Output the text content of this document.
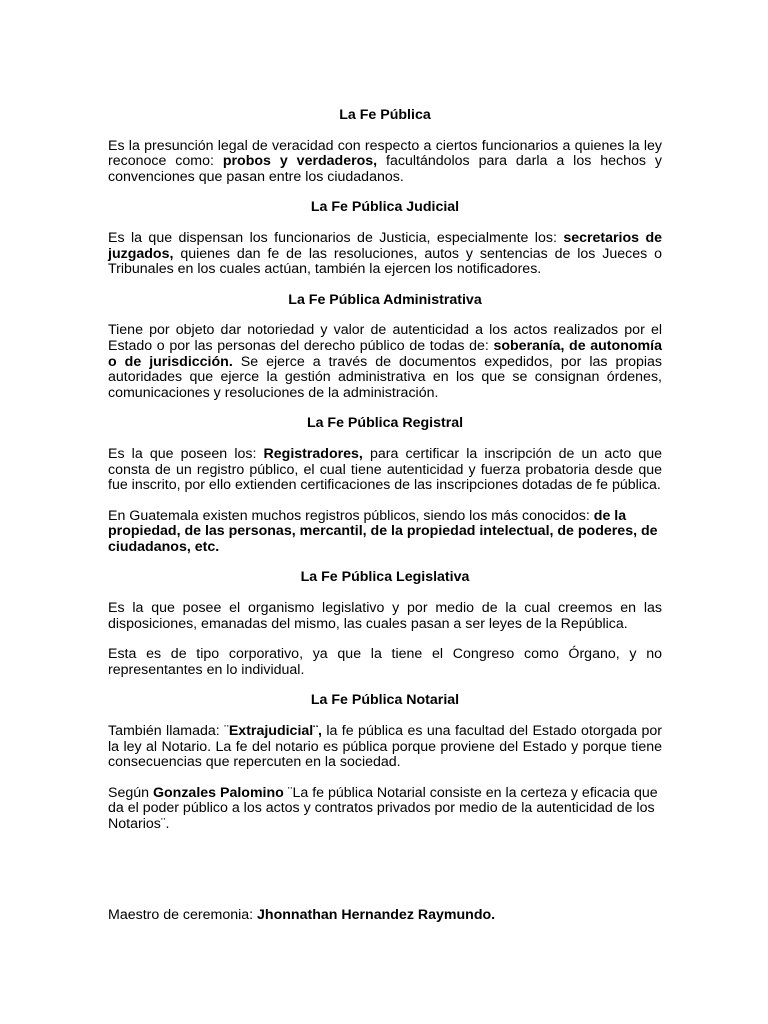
La Fe Pública

Es la presunción legal de veracidad con respecto a ciertos funcionarios a quienes la ley reconoce como: probos y verdaderos, facultándolos para darla a los hechos y convenciones que pasan entre los ciudadanos.

La Fe Pública Judicial

Es la que dispensan los funcionarios de Justicia, especialmente los: secretarios de juzgados, quienes dan fe de las resoluciones, autos y sentencias de los Jueces o Tribunales en los cuales actúan, también la ejercen los notificadores.

La Fe Pública Administrativa

Tiene por objeto dar notoriedad y valor de autenticidad a los actos realizados por el Estado o por las personas del derecho público de todas de: soberanía, de autonomía o de jurisdicción. Se ejerce a través de documentos expedidos, por las propias autoridades que ejerce la gestión administrativa en los que se consignan órdenes, comunicaciones y resoluciones de la administración.

La Fe Pública Registral

Es la que poseen los: Registradores, para certificar la inscripción de un acto que consta de un registro público, el cual tiene autenticidad y fuerza probatoria desde que fue inscrito, por ello extienden certificaciones de las inscripciones dotadas de fe pública.

En Guatemala existen muchos registros públicos, siendo los más conocidos: de la propiedad, de las personas, mercantil, de la propiedad intelectual, de poderes, de ciudadanos, etc.

La Fe Pública Legislativa

Es la que posee el organismo legislativo y por medio de la cual creemos en las disposiciones, emanadas del mismo, las cuales pasan a ser leyes de la República.

Esta es de tipo corporativo, ya que la tiene el Congreso como Órgano, y no representantes en lo individual.

La Fe Pública Notarial

También llamada: ¨Extrajudicial¨, la fe pública es una facultad del Estado otorgada por la ley al Notario. La fe del notario es pública porque proviene del Estado y porque tiene consecuencias que repercuten en la sociedad.

Según Gonzales Palomino ¨La fe pública Notarial consiste en la certeza y eficacia que da el poder público a los actos y contratos privados por medio de la autenticidad de los Notarios¨.

Maestro de ceremonia: Jhonnathan Hernandez Raymundo.
